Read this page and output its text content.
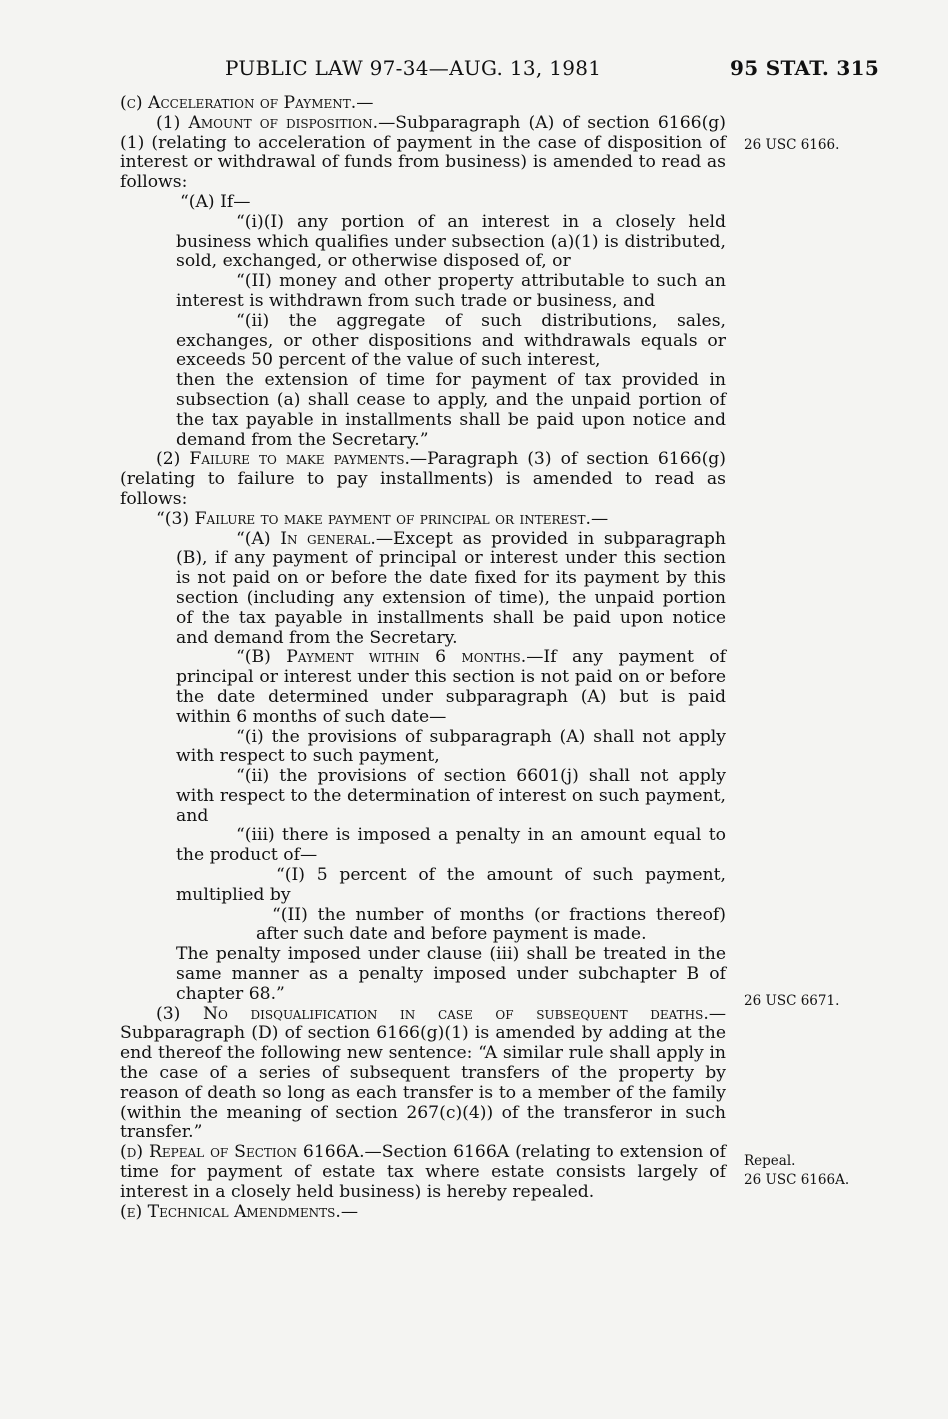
PUBLIC LAW 97-34—AUG. 13, 1981	95 STAT. 315

(c) Acceleration of Payment.—

(1) Amount of disposition.—Subparagraph (A) of section 6166(g)(1) (relating to acceleration of payment in the case of disposition of interest or withdrawal of funds from business) is amended to read as follows:

“(A) If—

“(i)(I) any portion of an interest in a closely held business which qualifies under subsection (a)(1) is distributed, sold, exchanged, or otherwise disposed of, or

“(II) money and other property attributable to such an interest is withdrawn from such trade or business, and

“(ii) the aggregate of such distributions, sales, exchanges, or other dispositions and withdrawals equals or exceeds 50 percent of the value of such interest,

then the extension of time for payment of tax provided in subsection (a) shall cease to apply, and the unpaid portion of the tax payable in installments shall be paid upon notice and demand from the Secretary.”

(2) Failure to make payments.—Paragraph (3) of section 6166(g) (relating to failure to pay installments) is amended to read as follows:

“(3) Failure to make payment of principal or interest.—

“(A) In general.—Except as provided in subparagraph (B), if any payment of principal or interest under this section is not paid on or before the date fixed for its payment by this section (including any extension of time), the unpaid portion of the tax payable in installments shall be paid upon notice and demand from the Secretary.

“(B) Payment within 6 months.—If any payment of principal or interest under this section is not paid on or before the date determined under subparagraph (A) but is paid within 6 months of such date—

“(i) the provisions of subparagraph (A) shall not apply with respect to such payment,

“(ii) the provisions of section 6601(j) shall not apply with respect to the determination of interest on such payment, and

“(iii) there is imposed a penalty in an amount equal to the product of—

“(I) 5 percent of the amount of such payment, multiplied by

“(II) the number of months (or fractions thereof) after such date and before payment is made.

The penalty imposed under clause (iii) shall be treated in the same manner as a penalty imposed under subchapter B of chapter 68.”

(3) No disqualification in case of subsequent deaths.—Subparagraph (D) of section 6166(g)(1) is amended by adding at the end thereof the following new sentence: “A similar rule shall apply in the case of a series of subsequent transfers of the property by reason of death so long as each transfer is to a member of the family (within the meaning of section 267(c)(4)) of the transferor in such transfer.”

(d) Repeal of Section 6166A.—Section 6166A (relating to extension of time for payment of estate tax where estate consists largely of interest in a closely held business) is hereby repealed.

(e) Technical Amendments.—

26 USC 6166.
26 USC 6671.
Repeal.
26 USC 6166A.
